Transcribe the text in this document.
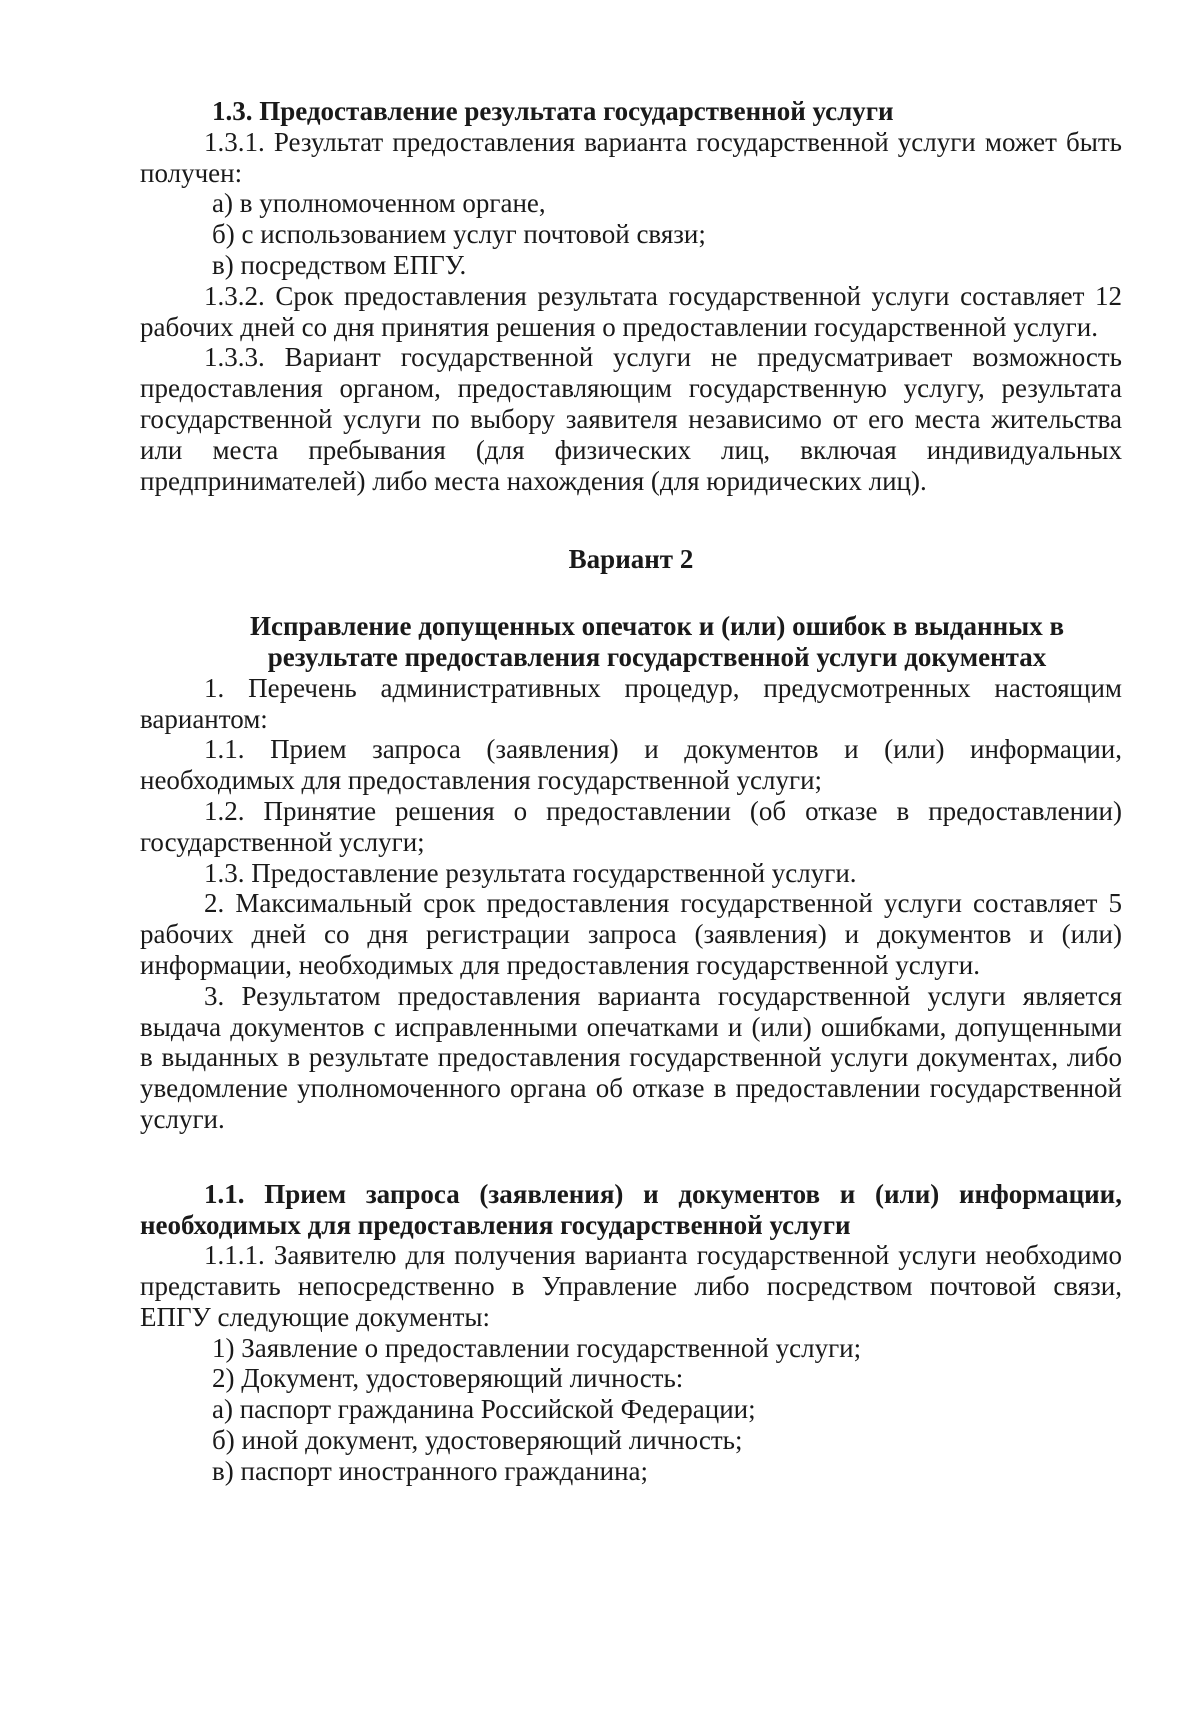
1.3. Предоставление результата государственной услуги

1.3.1. Результат предоставления варианта государственной услуги может быть получен:

а) в уполномоченном органе,

б) с использованием услуг почтовой связи;

в) посредством ЕПГУ.

1.3.2. Срок предоставления результата государственной услуги составляет 12 рабочих дней со дня принятия решения о предоставлении государственной услуги.

1.3.3. Вариант государственной услуги не предусматривает возможность предоставления органом, предоставляющим государственную услугу, результата государственной услуги по выбору заявителя независимо от его места жительства или места пребывания (для физических лиц, включая индивидуальных предпринимателей) либо места нахождения (для юридических лиц).

Вариант 2

Исправление допущенных опечаток и (или) ошибок в выданных в результате предоставления государственной услуги документах

1. Перечень административных процедур, предусмотренных настоящим вариантом:

1.1. Прием запроса (заявления) и документов и (или) информации, необходимых для предоставления государственной услуги;

1.2. Принятие решения о предоставлении (об отказе в предоставлении) государственной услуги;

1.3. Предоставление результата государственной услуги.

2. Максимальный срок предоставления государственной услуги составляет 5 рабочих дней со дня регистрации запроса (заявления) и документов и (или) информации, необходимых для предоставления государственной услуги.

3. Результатом предоставления варианта государственной услуги является выдача документов с исправленными опечатками и (или) ошибками, допущенными в выданных в результате предоставления государственной услуги документах, либо уведомление уполномоченного органа об отказе в предоставлении государственной услуги.

1.1. Прием запроса (заявления) и документов и (или) информации, необходимых для предоставления государственной услуги

1.1.1. Заявителю для получения варианта государственной услуги необходимо представить непосредственно в Управление либо посредством почтовой связи, ЕПГУ следующие документы:

1) Заявление о предоставлении государственной услуги;

2) Документ, удостоверяющий личность:

а) паспорт гражданина Российской Федерации;

б) иной документ, удостоверяющий личность;

в) паспорт иностранного гражданина;
